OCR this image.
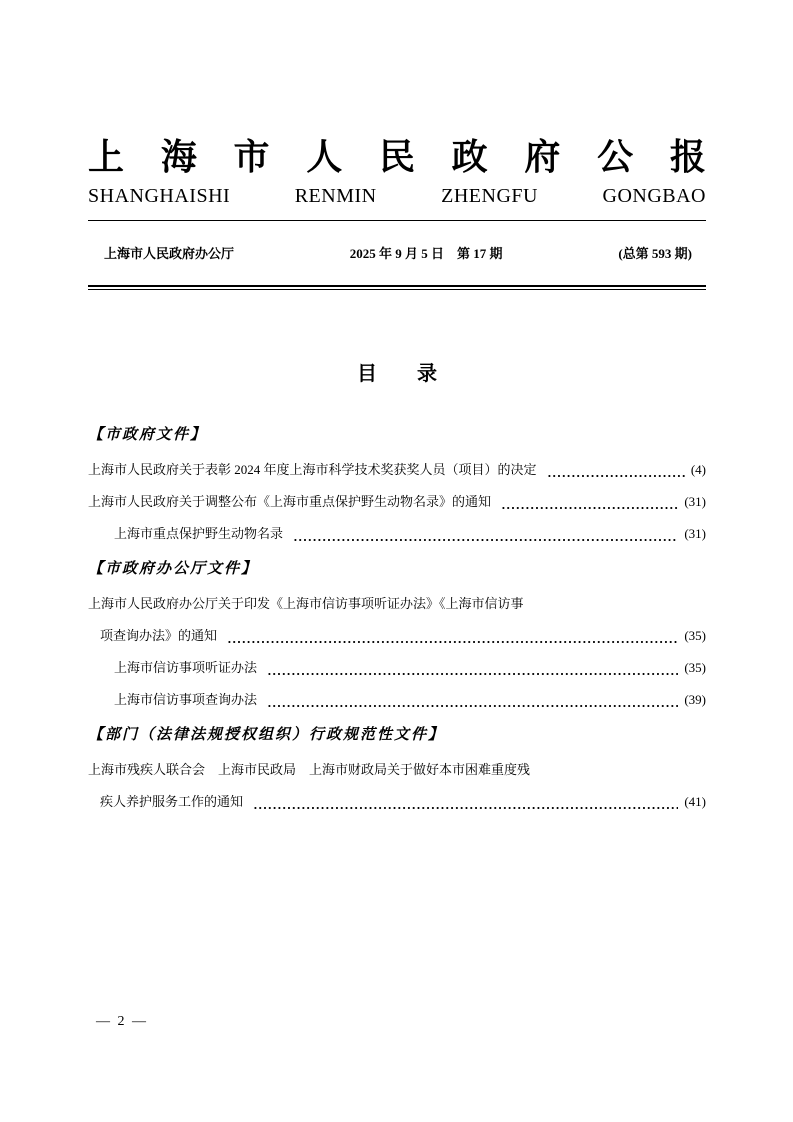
上 海 市 人 民 政 府 公 报
SHANGHAISHI	RENMIN	ZHENGFU	GONGBAO
上海市人民政府办公厅	2025 年 9 月 5 日　第 17 期	(总第 593 期)
目　　录
【市政府文件】
上海市人民政府关于表彰 2024 年度上海市科学技术奖获奖人员（项目）的决定	(4)
上海市人民政府关于调整公布《上海市重点保护野生动物名录》的通知	(31)
上海市重点保护野生动物名录	(31)
【市政府办公厅文件】
上海市人民政府办公厅关于印发《上海市信访事项听证办法》《上海市信访事
项查询办法》的通知	(35)
上海市信访事项听证办法	(35)
上海市信访事项查询办法	(39)
【部门（法律法规授权组织）行政规范性文件】
上海市残疾人联合会　上海市民政局　上海市财政局关于做好本市困难重度残
疾人养护服务工作的通知	(41)
— 2 —
